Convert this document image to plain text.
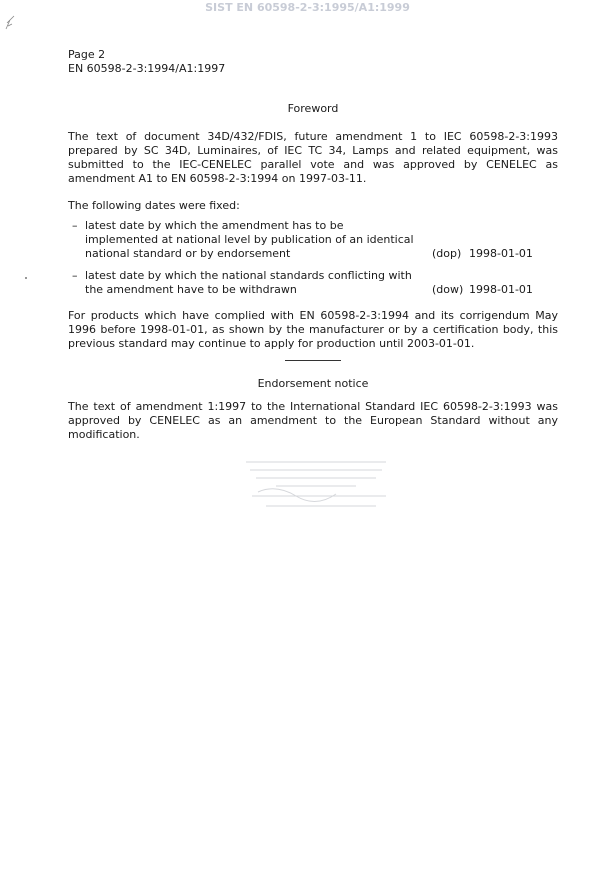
SIST EN 60598-2-3:1995/A1:1999
Page 2
EN 60598-2-3:1994/A1:1997
Foreword

The text of document 34D/432/FDIS, future amendment 1 to IEC 60598-2-3:1993 prepared by SC 34D, Luminaires, of IEC TC 34, Lamps and related equipment, was submitted to the IEC-CENELEC parallel vote and was approved by CENELEC as amendment A1 to EN 60598-2-3:1994 on 1997-03-11.

The following dates were fixed:

– latest date by which the amendment has to be implemented at national level by publication of an identical national standard or by endorsement	(dop) 1998-01-01
– latest date by which the national standards conflicting with the amendment have to be withdrawn	(dow) 1998-01-01

For products which have complied with EN 60598-2-3:1994 and its corrigendum May 1996 before 1998-01-01, as shown by the manufacturer or by a certification body, this previous standard may continue to apply for production until 2003-01-01.

Endorsement notice

The text of amendment 1:1997 to the International Standard IEC 60598-2-3:1993 was approved by CENELEC as an amendment to the European Standard without any modification.
